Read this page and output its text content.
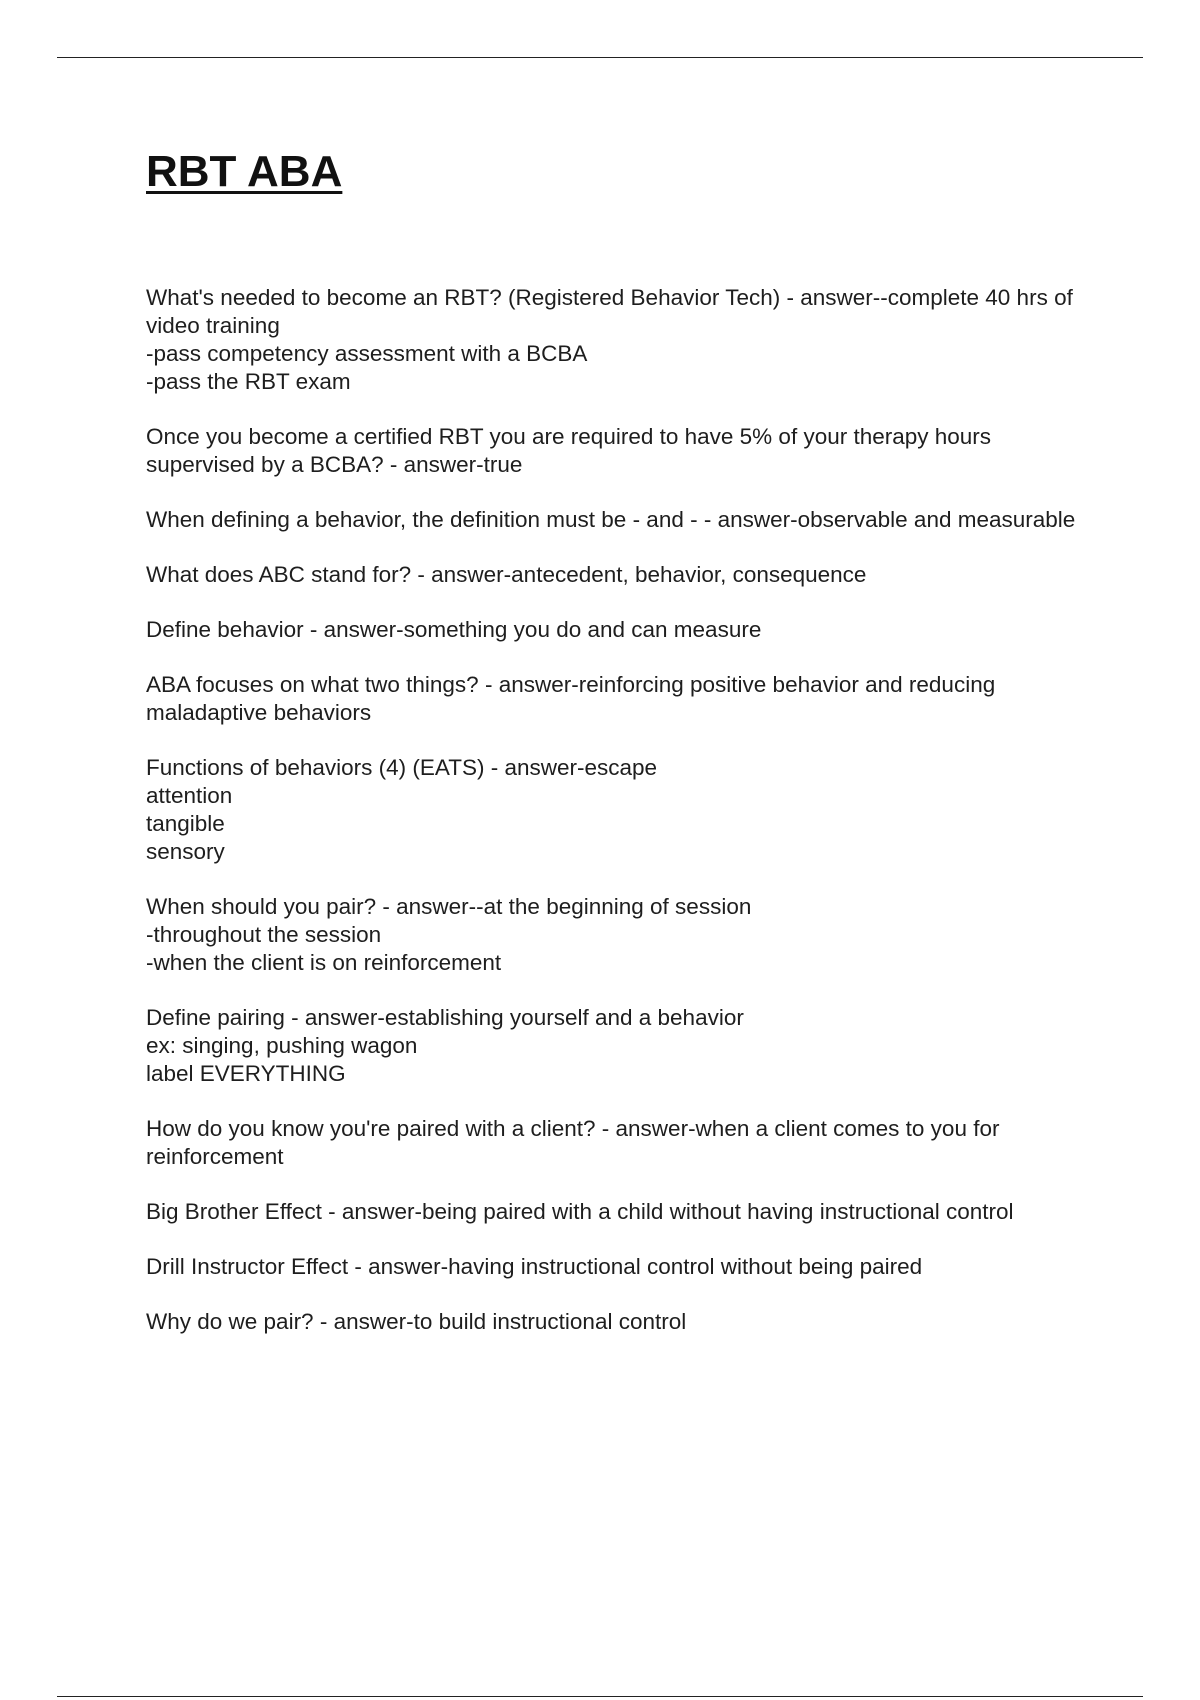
RBT ABA

What's needed to become an RBT? (Registered Behavior Tech) - answer--complete 40 hrs of video training
-pass competency assessment with a BCBA
-pass the RBT exam

Once you become a certified RBT you are required to have 5% of your therapy hours supervised by a BCBA? - answer-true

When defining a behavior, the definition must be - and - - answer-observable and measurable

What does ABC stand for? - answer-antecedent, behavior, consequence

Define behavior - answer-something you do and can measure

ABA focuses on what two things? - answer-reinforcing positive behavior and reducing maladaptive behaviors

Functions of behaviors (4) (EATS) - answer-escape
attention
tangible
sensory

When should you pair? - answer--at the beginning of session
-throughout the session
-when the client is on reinforcement

Define pairing - answer-establishing yourself and a behavior
ex: singing, pushing wagon
label EVERYTHING

How do you know you're paired with a client? - answer-when a client comes to you for reinforcement

Big Brother Effect - answer-being paired with a child without having instructional control

Drill Instructor Effect - answer-having instructional control without being paired

Why do we pair? - answer-to build instructional control
